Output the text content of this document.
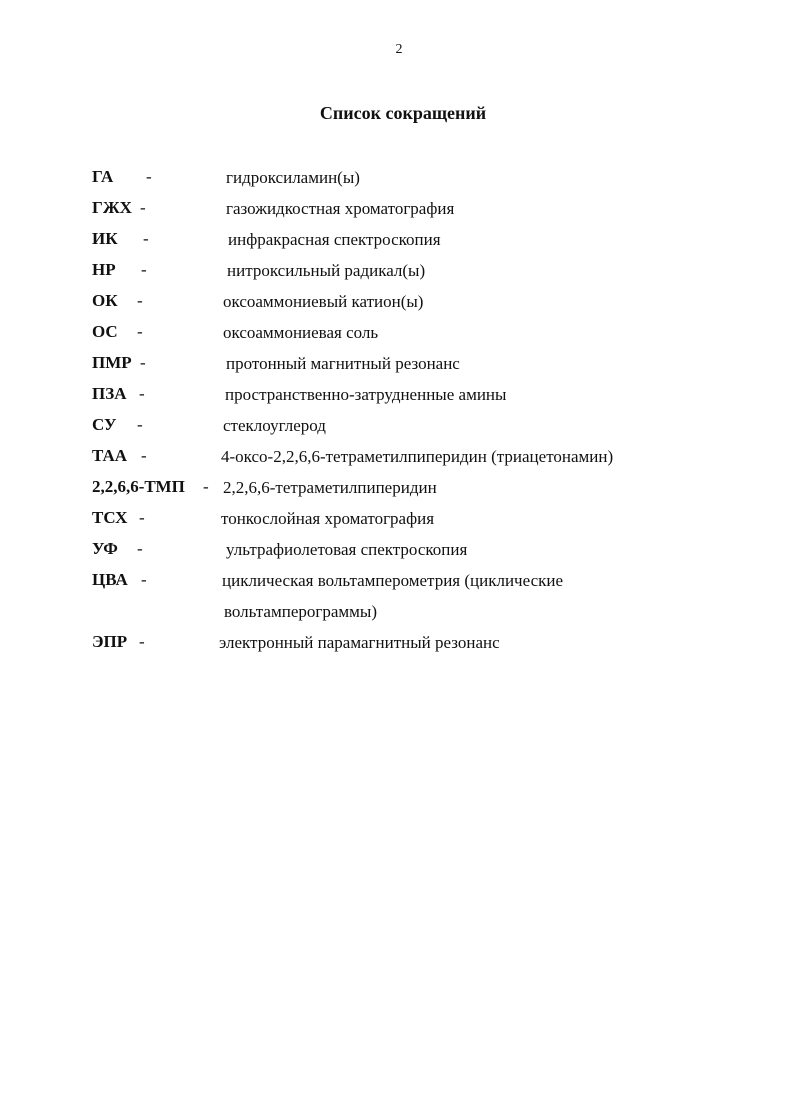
2
Список сокращений
ГА -	гидроксиламин(ы)
ГЖХ -	газожидкостная хроматография
ИК -	инфракрасная спектроскопия
НР -	нитроксильный радикал(ы)
ОК -	оксоаммониевый катион(ы)
ОС -	оксоаммониевая соль
ПМР -	протонный магнитный резонанс
ПЗА -	пространственно-затрудненные амины
СУ -	стеклоуглерод
ТАА -	4-оксо-2,2,6,6-тетраметилпиперидин (триацетонамин)
2,2,6,6-ТМП - 2,2,6,6-тетраметилпиперидин
ТСХ -	тонкослойная хроматография
УФ -	ультрафиолетовая спектроскопия
ЦВА -	циклическая вольтамперометрия (циклические
вольтамперограммы)
ЭПР -	электронный парамагнитный резонанс
